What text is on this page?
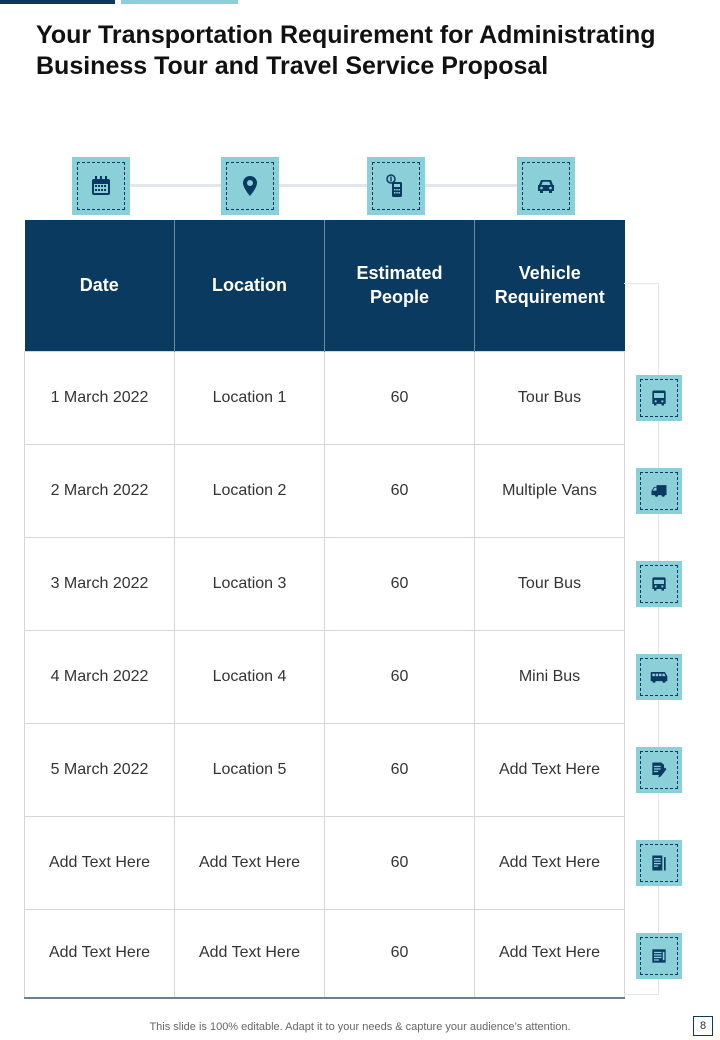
Your Transportation Requirement for Administrating Business Tour and Travel Service Proposal
Date	Location	Estimated People	Vehicle Requirement
1 March 2022	Location 1	60	Tour Bus
2 March 2022	Location 2	60	Multiple Vans
3 March 2022	Location 3	60	Tour Bus
4 March 2022	Location 4	60	Mini Bus
5 March 2022	Location 5	60	Add Text Here
Add Text Here	Add Text Here	60	Add Text Here
Add Text Here	Add Text Here	60	Add Text Here
This slide is 100% editable. Adapt it to your needs & capture your audience’s attention.	8
